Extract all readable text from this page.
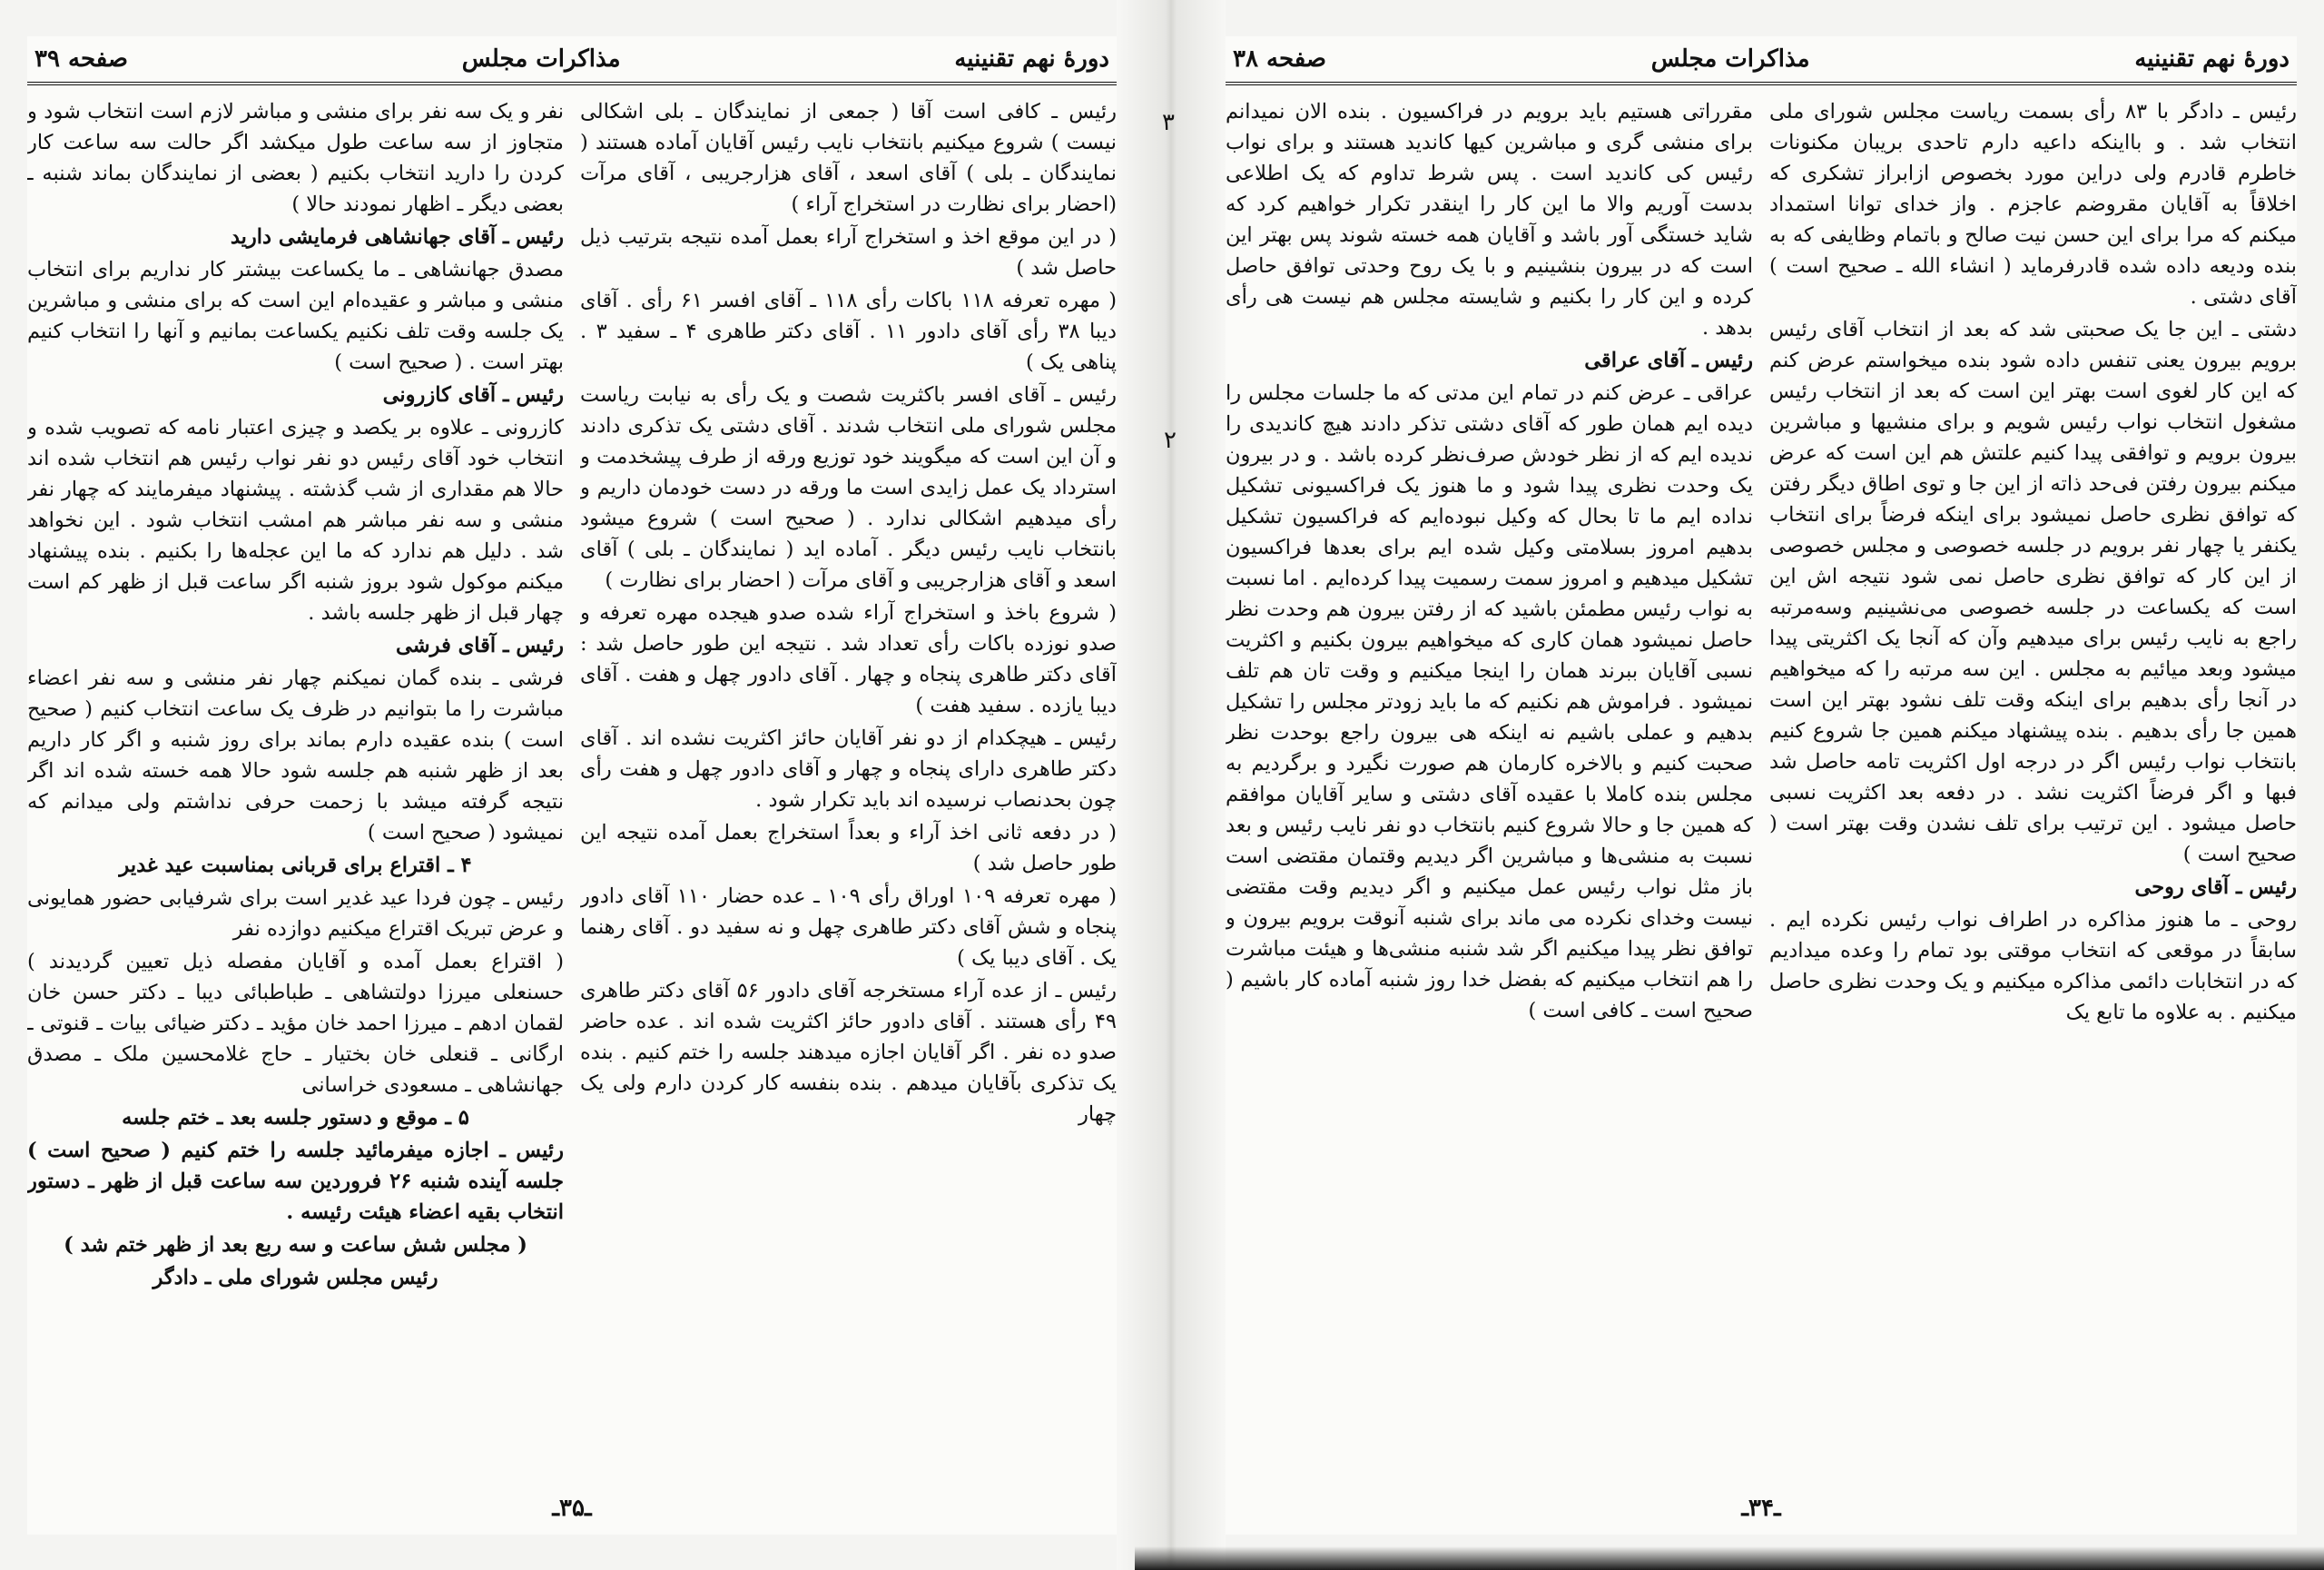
دورهٔ نهم تقنینیه
مذاکرات مجلس
صفحه ۳۹

رئیس ـ کافی است آقا ( جمعی از نمایندگان ـ بلی اشکالی نیست ) شروع میکنیم بانتخاب نایب رئیس آقایان آماده هستند ( نمایندگان ـ بلی ) آقای اسعد ، آقای هزارجریبی ، آقای مرآت (احضار برای نظارت در استخراج آراء )

( در این موقع اخذ و استخراج آراء بعمل آمده نتیجه بترتیب ذیل حاصل شد )

( مهره تعرفه ۱۱۸ باکات رأی ۱۱۸ ـ آقای افسر ۶۱ رأی . آقای دیبا ۳۸ رأی آقای دادور ۱۱ . آقای دکتر طاهری ۴ ـ سفید ۳ . پناهی یک )

رئیس ـ آقای افسر باکثریت شصت و یک رأی به نیابت ریاست مجلس شورای ملی انتخاب شدند . آقای دشتی یک تذکری دادند و آن این است که میگویند خود توزیع ورقه از طرف پیشخدمت و استرداد یک عمل زایدی است ما ورقه در دست خودمان داریم و رأی میدهیم اشکالی ندارد . ( صحیح است ) شروع میشود بانتخاب نایب رئیس دیگر . آماده اید ( نمایندگان ـ بلی ) آقای اسعد و آقای هزارجریبی و آقای مرآت ( احضار برای نظارت )

( شروع باخذ و استخراج آراء شده صدو هیجده مهره تعرفه و صدو نوزده باکات رأی تعداد شد . نتیجه این طور حاصل شد : آقای دکتر طاهری پنجاه و چهار . آقای دادور چهل و هفت . آقای دیبا یازده . سفید هفت )

رئیس ـ هیچکدام از دو نفر آقایان حائز اکثریت نشده اند . آقای دکتر طاهری دارای پنجاه و چهار و آقای دادور چهل و هفت رأی چون بحدنصاب نرسیده اند باید تکرار شود .

( در دفعه ثانی اخذ آراء و بعداً استخراج بعمل آمده نتیجه این طور حاصل شد )

( مهره تعرفه ۱۰۹ اوراق رأی ۱۰۹ ـ عده حضار ۱۱۰ آقای دادور پنجاه و شش آقای دکتر طاهری چهل و نه سفید دو . آقای رهنما یک . آقای دیبا یک )

رئیس ـ از عده آراء مستخرجه آقای دادور ۵۶ آقای دکتر طاهری ۴۹ رأی هستند . آقای دادور حائز اکثریت شده اند . عده حاضر صدو ده نفر . اگر آقایان اجازه میدهند جلسه را ختم کنیم . بنده یک تذکری بآقایان میدهم . بنده بنفسه کار کردن دارم ولی یک چهار

نفر و یک سه نفر برای منشی و مباشر لازم است انتخاب شود و متجاوز از سه ساعت طول میکشد اگر حالت سه ساعت کار کردن را دارید انتخاب بکنیم ( بعضی از نمایندگان بماند شنبه ـ بعضی دیگر ـ اظهار نمودند حالا )

رئیس ـ آقای جهانشاهی فرمایشی دارید

مصدق جهانشاهی ـ ما یکساعت بیشتر کار نداریم برای انتخاب منشی و مباشر و عقیده‌ام این است که برای منشی و مباشرین یک جلسه وقت تلف نکنیم یکساعت بمانیم و آنها را انتخاب کنیم بهتر است . ( صحیح است )

رئیس ـ آقای کازرونی

کازرونی ـ علاوه بر یکصد و چیزی اعتبار نامه که تصویب شده و انتخاب خود آقای رئیس دو نفر نواب رئیس هم انتخاب شده اند حالا هم مقداری از شب گذشته . پیشنهاد میفرمایند که چهار نفر منشی و سه نفر مباشر هم امشب انتخاب شود . این نخواهد شد . دلیل هم ندارد که ما این عجله‌ها را بکنیم . بنده پیشنهاد میکنم موکول شود بروز شنبه اگر ساعت قبل از ظهر کم است چهار قبل از ظهر جلسه باشد .

رئیس ـ آقای فرشی

فرشی ـ بنده گمان نمیکنم چهار نفر منشی و سه نفر اعضاء مباشرت را ما بتوانیم در ظرف یک ساعت انتخاب کنیم ( صحیح است ) بنده عقیده دارم بماند برای روز شنبه و اگر کار داریم بعد از ظهر شنبه هم جلسه شود حالا همه خسته شده اند اگر نتیجه گرفته میشد با زحمت حرفی نداشتم ولی میدانم که نمیشود ( صحیح است )

۴ ـ اقتراع برای قربانی بمناسبت عید غدیر

رئیس ـ چون فردا عید غدیر است برای شرفیابی حضور همایونی و عرض تبریک اقتراع میکنیم دوازده نفر

( اقتراع بعمل آمده و آقایان مفصله ذیل تعیین گردیدند ) حسنعلی میرزا دولتشاهی ـ طباطبائی دیبا ـ دکتر حسن خان لقمان ادهم ـ میرزا احمد خان مؤید ـ دکتر ضیائی بیات ـ قنوتی ـ ارگانی ـ قنعلی خان بختیار ـ حاج غلامحسین ملک ـ مصدق جهانشاهی ـ مسعودی خراسانی

۵ ـ موقع و دستور جلسه بعد ـ ختم جلسه

رئیس ـ اجازه میفرمائید جلسه را ختم کنیم ( صحیح است ) جلسه آینده شنبه ۲۶ فروردین سه ساعت قبل از ظهر ـ دستور انتخاب بقیه اعضاء هیئت رئیسه .

( مجلس شش ساعت و سه ربع بعد از ظهر ختم شد )

رئیس مجلس شورای ملی ـ دادگر

ـ۳۵ـ
۳
۲
دورهٔ نهم تقنینیه
مذاکرات مجلس
صفحه ۳۸

رئیس ـ دادگر با ۸۳ رأی بسمت ریاست مجلس شورای ملی انتخاب شد . و بااینکه داعیه دارم تاحدی بریبان مکنونات خاطرم قادرم ولی دراین مورد بخصوص ازابراز تشکری که اخلاقاً به آقایان مقروضم عاجزم . واز خدای توانا استمداد میکنم که مرا برای این حسن نیت صالح و باتمام وظایفی که به بنده ودیعه داده شده قادرفرماید ( انشاء الله ـ صحیح است ) آقای دشتی .

دشتی ـ این جا یک صحبتی شد که بعد از انتخاب آقای رئیس برویم بیرون یعنی تنفس داده شود بنده میخواستم عرض کنم که این کار لغوی است بهتر این است که بعد از انتخاب رئیس مشغول انتخاب نواب رئیس شویم و برای منشیها و مباشرین بیرون برویم و توافقی پیدا کنیم علتش هم این است که عرض میکنم بیرون رفتن فی‌حد ذاته از این جا و توی اطاق دیگر رفتن که توافق نظری حاصل نمیشود برای اینکه فرضاً برای انتخاب یکنفر یا چهار نفر برویم در جلسه خصوصی و مجلس خصوصی از این کار که توافق نظری حاصل نمی شود نتیجه اش این است که یکساعت در جلسه خصوصی می‌نشینیم وسه‌مرتبه راجع به نایب رئیس برای میدهیم وآن که آنجا یک اکثریتی پیدا میشود وبعد میائیم به مجلس . این سه مرتبه را که میخواهیم در آنجا رأی بدهیم برای اینکه وقت تلف نشود بهتر این است همین جا رأی بدهیم . بنده پیشنهاد میکنم همین جا شروع کنیم بانتخاب نواب رئیس اگر در درجه اول اکثریت تامه حاصل شد فبها و اگر فرضاً اکثریت نشد . در دفعه بعد اکثریت نسبی حاصل میشود . این ترتیب برای تلف نشدن وقت بهتر است ( صحیح است )

رئیس ـ آقای روحی

روحی ـ ما هنوز مذاکره در اطراف نواب رئیس نکرده ایم . سابقاً در موقعی که انتخاب موقتی بود تمام را وعده میدادیم که در انتخابات دائمی مذاکره میکنیم و یک وحدت نظری حاصل میکنیم . به علاوه ما تابع یک

مقرراتی هستیم باید برویم در فراکسیون . بنده الان نمیدانم برای منشی گری و مباشرین کیها کاندید هستند و برای نواب رئیس کی کاندید است . پس شرط تداوم که یک اطلاعی بدست آوریم والا ما این کار را اینقدر تکرار خواهیم کرد که شاید خستگی آور باشد و آقایان همه خسته شوند پس بهتر این است که در بیرون بنشینیم و با یک روح وحدتی توافق حاصل کرده و این کار را بکنیم و شایسته مجلس هم نیست هی رأی بدهد .

رئیس ـ آقای عراقی

عراقی ـ عرض کنم در تمام این مدتی که ما جلسات مجلس را دیده ایم همان طور که آقای دشتی تذکر دادند هیچ کاندیدی را ندیده ایم که از نظر خودش صرف‌نظر کرده باشد . و در بیرون یک وحدت نظری پیدا شود و ما هنوز یک فراکسیونی تشکیل نداده ایم ما تا بحال که وکیل نبوده‌ایم که فراکسیون تشکیل بدهیم امروز بسلامتی وکیل شده ایم برای بعدها فراکسیون تشکیل میدهیم و امروز سمت رسمیت پیدا کرده‌ایم . اما نسبت به نواب رئیس مطمئن باشید که از رفتن بیرون هم وحدت نظر حاصل نمیشود همان کاری که میخواهیم بیرون بکنیم و اکثریت نسبی آقایان ببرند همان را اینجا میکنیم و وقت تان هم تلف نمیشود . فراموش هم نکنیم که ما باید زودتر مجلس را تشکیل بدهیم و عملی باشیم نه اینکه هی بیرون راجع بوحدت نظر صحبت کنیم و بالاخره کارمان هم صورت نگیرد و برگردیم به مجلس بنده کاملا با عقیده آقای دشتی و سایر آقایان موافقم که همین جا و حالا شروع کنیم بانتخاب دو نفر نایب رئیس و بعد نسبت به منشی‌ها و مباشرین اگر دیدیم وقتمان مقتضی است باز مثل نواب رئیس عمل میکنیم و اگر دیدیم وقت مقتضی نیست وخدای نکرده می ماند برای شنبه آنوقت برویم بیرون و توافق نظر پیدا میکنیم اگر شد شنبه منشی‌ها و هیئت مباشرت را هم انتخاب میکنیم که بفضل خدا روز شنبه آماده کار باشیم ( صحیح است ـ کافی است )

ـ۳۴ـ
